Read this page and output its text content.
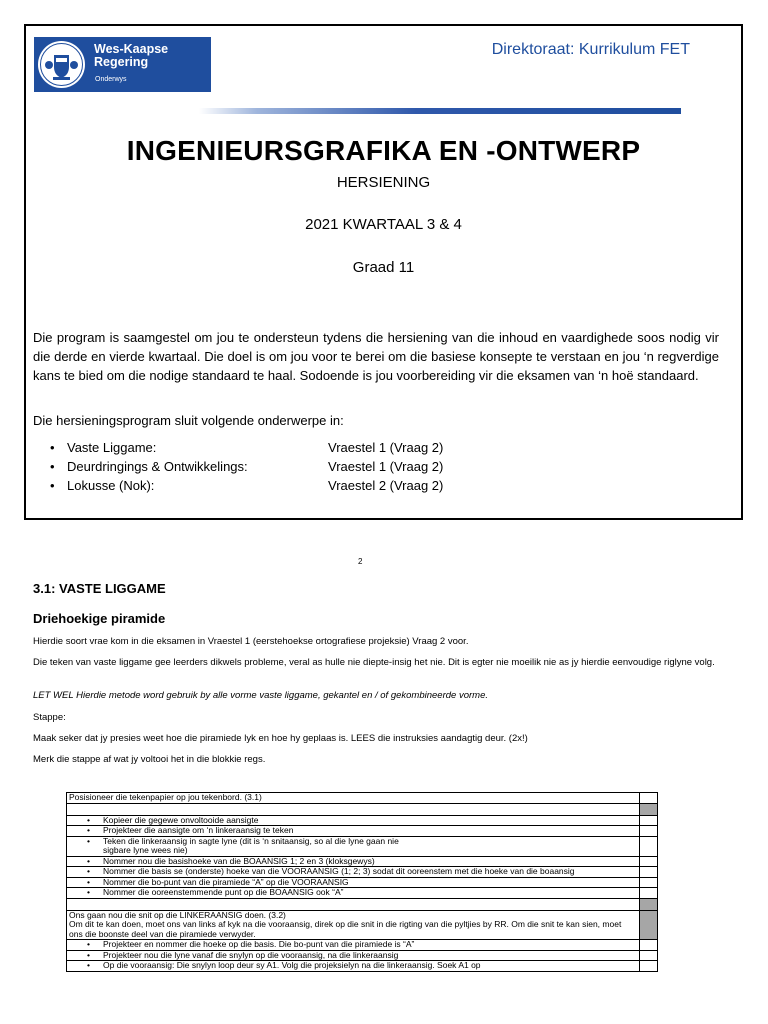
Wes-Kaapse
Regering
Onderwys
Direktoraat: Kurrikulum FET
INGENIEURSGRAFIKA EN -ONTWERP
HERSIENING
2021 KWARTAAL 3 & 4
Graad 11

Die program is saamgestel om jou te ondersteun tydens die hersiening van die inhoud en vaardighede soos nodig vir die derde en vierde kwartaal. Die doel is om jou voor te berei om die basiese konsepte te verstaan en jou ‘n regverdige kans te bied om die nodige standaard te haal. Sodoende is jou voorbereiding vir die eksamen van ‘n hoë standaard.

Die hersieningsprogram sluit volgende onderwerpe in:

• Vaste Liggame:	Vraestel 1 (Vraag 2)
• Deurdringings & Ontwikkelings:	Vraestel 1 (Vraag 2)
• Lokusse (Nok):	Vraestel 2 (Vraag 2)
2
3.1: VASTE LIGGAME
Driehoekige piramide

Hierdie soort vrae kom in die eksamen in Vraestel 1 (eerstehoekse ortografiese projeksie) Vraag 2 voor.

Die teken van vaste liggame gee leerders dikwels probleme, veral as hulle nie diepte-insig het nie. Dit is egter nie moeilik nie as jy hierdie eenvoudige riglyne volg.

LET WEL Hierdie metode word gebruik by alle vorme vaste liggame, gekantel en / of gekombineerde vorme.

Stappe:

Maak seker dat jy presies weet hoe die piramiede lyk en hoe hy geplaas is. LEES die instruksies aandagtig deur. (2x!)

Merk die stappe af wat jy voltooi het in die blokkie regs.

Posisioneer die tekenpapier op jou tekenbord. (3.1)	

• Kopieer die gegewe onvoltooide aansigte

• Projekteer die aansigte om ‘n linkeraansig te teken

• Teken die linkeraansig in sagte lyne (dit is ‘n snitaansig, so al die lyne gaan nie sigbare lyne wees nie)

• Nommer nou die basishoeke van die BOAANSIG 1; 2 en 3 (kloksgewys)

• Nommer die basis se (onderste) hoeke van die VOORAANSIG (1; 2; 3) sodat dit ooreenstem met die hoeke van die boaansig

• Nommer die bo-punt van die piramiede “A” op die VOORAANSIG

• Nommer die ooreenstemmende punt op die BOAANSIG ook “A”

Ons gaan nou die snit op die LINKERAANSIG doen. (3.2)
Om dit te kan doen, moet ons van links af kyk na die vooraansig, direk op die snit in die rigting van die pyltjies by RR. Om die snit te kan sien, moet ons die boonste deel van die piramiede verwyder.	

• Projekteer en nommer die hoeke op die basis. Die bo-punt van die piramiede is “A”

• Projekteer nou die lyne vanaf die snylyn op die vooraansig, na die linkeraansig

• Op die vooraansig: Die snylyn loop deur sy A1. Volg die projeksielyn na die linkeraansig. Soek A1 op
